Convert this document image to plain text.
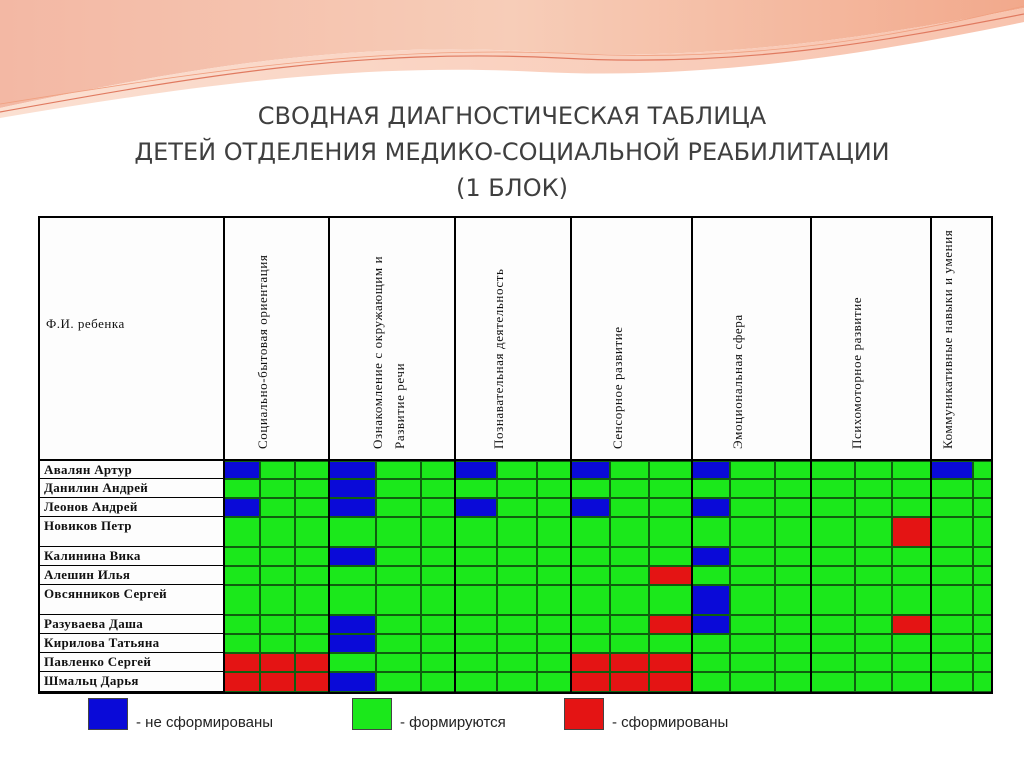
СВОДНАЯ ДИАГНОСТИЧЕСКАЯ ТАБЛИЦА
ДЕТЕЙ ОТДЕЛЕНИЯ МЕДИКО-СОЦИАЛЬНОЙ РЕАБИЛИТАЦИИ
(1 БЛОК)
Ф.И. ребенка	Социально-бытовая ориентация	Ознакомление с окружающим и Развитие речи	Познавательная деятельность	Сенсорное развитие	Эмоциональная сфера	Психомоторное развитие	Коммуникативные навыки и умения
Авалян Артур
Данилин Андрей
Леонов Андрей
Новиков Петр
Калинина Вика
Алешин Илья
Овсянников Сергей
Разуваева Даша
Кирилова Татьяна
Павленко Сергей
Шмальц Дарья
- не сформированы	- формируются	- сформированы
